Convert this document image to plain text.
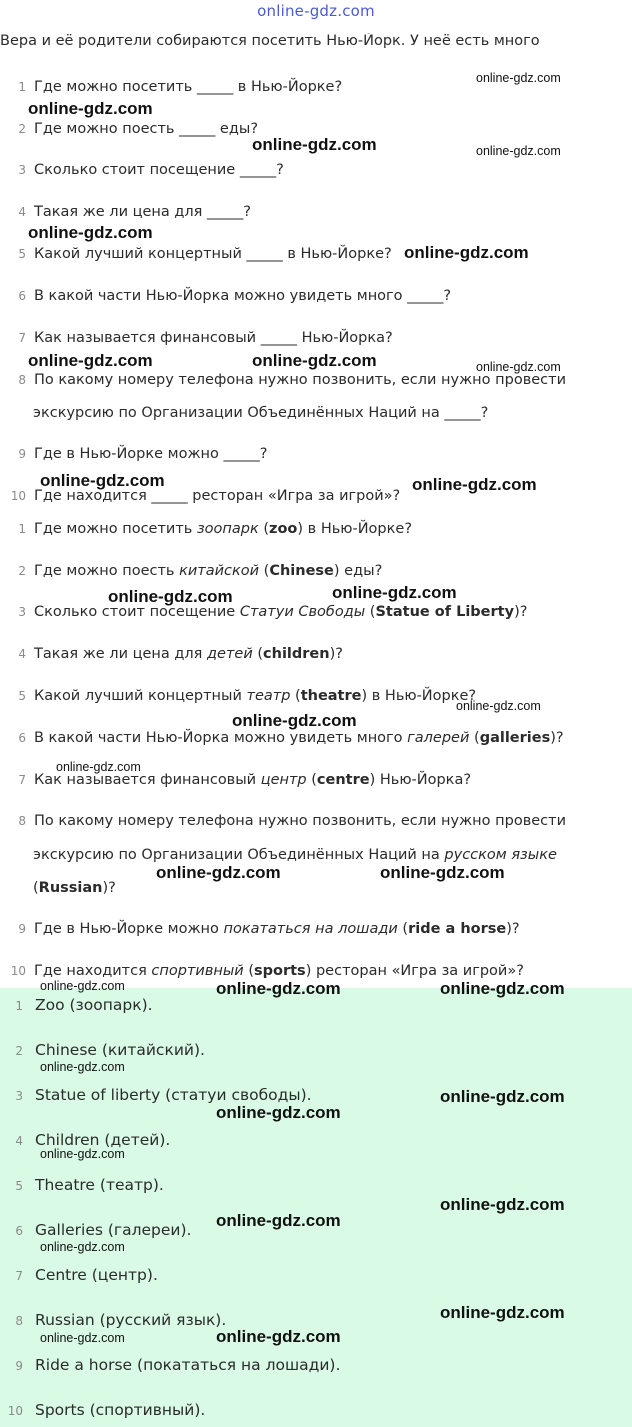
online-gdz.com
Вера и её родители собираются посетить Нью-Йорк. У неё есть много
1 Где можно посетить _____ в Нью-Йорке?
2 Где можно поесть _____ еды?
3 Сколько стоит посещение _____?
4 Такая же ли цена для _____?
5 Какой лучший концертный _____ в Нью-Йорке?
6 В какой части Нью-Йорка можно увидеть много _____?
7 Как называется финансовый _____ Нью-Йорка?
8 По какому номеру телефона нужно позвонить, если нужно провести
экскурсию по Организации Объединённых Наций на _____?
9 Где в Нью-Йорке можно _____?
10 Где находится _____ ресторан «Игра за игрой»?
1 Где можно посетить зоопарк (zoo) в Нью-Йорке?
2 Где можно поесть китайской (Chinese) еды?
3 Сколько стоит посещение Статуи Свободы (Statue of Liberty)?
4 Такая же ли цена для детей (children)?
5 Какой лучший концертный театр (theatre) в Нью-Йорке?
6 В какой части Нью-Йорка можно увидеть много галерей (galleries)?
7 Как называется финансовый центр (centre) Нью-Йорка?
8 По какому номеру телефона нужно позвонить, если нужно провести
экскурсию по Организации Объединённых Наций на русском языке
(Russian)?
9 Где в Нью-Йорке можно покататься на лошади (ride a horse)?
10 Где находится спортивный (sports) ресторан «Игра за игрой»?
1 Zoo (зоопарк).
2 Chinese (китайский).
3 Statue of liberty (статуи свободы).
4 Children (детей).
5 Theatre (театр).
6 Galleries (галереи).
7 Centre (центр).
8 Russian (русский язык).
9 Ride a horse (покататься на лошади).
10 Sports (спортивный).
online-gdz.com
online-gdz.com
online-gdz.com	online-gdz.com
online-gdz.com
online-gdz.com
online-gdz.com	online-gdz.com	online-gdz.com
online-gdz.com	online-gdz.com
online-gdz.com
online-gdz.com
online-gdz.com
online-gdz.com
online-gdz.com
online-gdz.com	online-gdz.com
online-gdz.com	online-gdz.com	online-gdz.com
online-gdz.com
online-gdz.com
online-gdz.com
online-gdz.com
online-gdz.com
online-gdz.com
online-gdz.com
online-gdz.com
online-gdz.com	online-gdz.com
